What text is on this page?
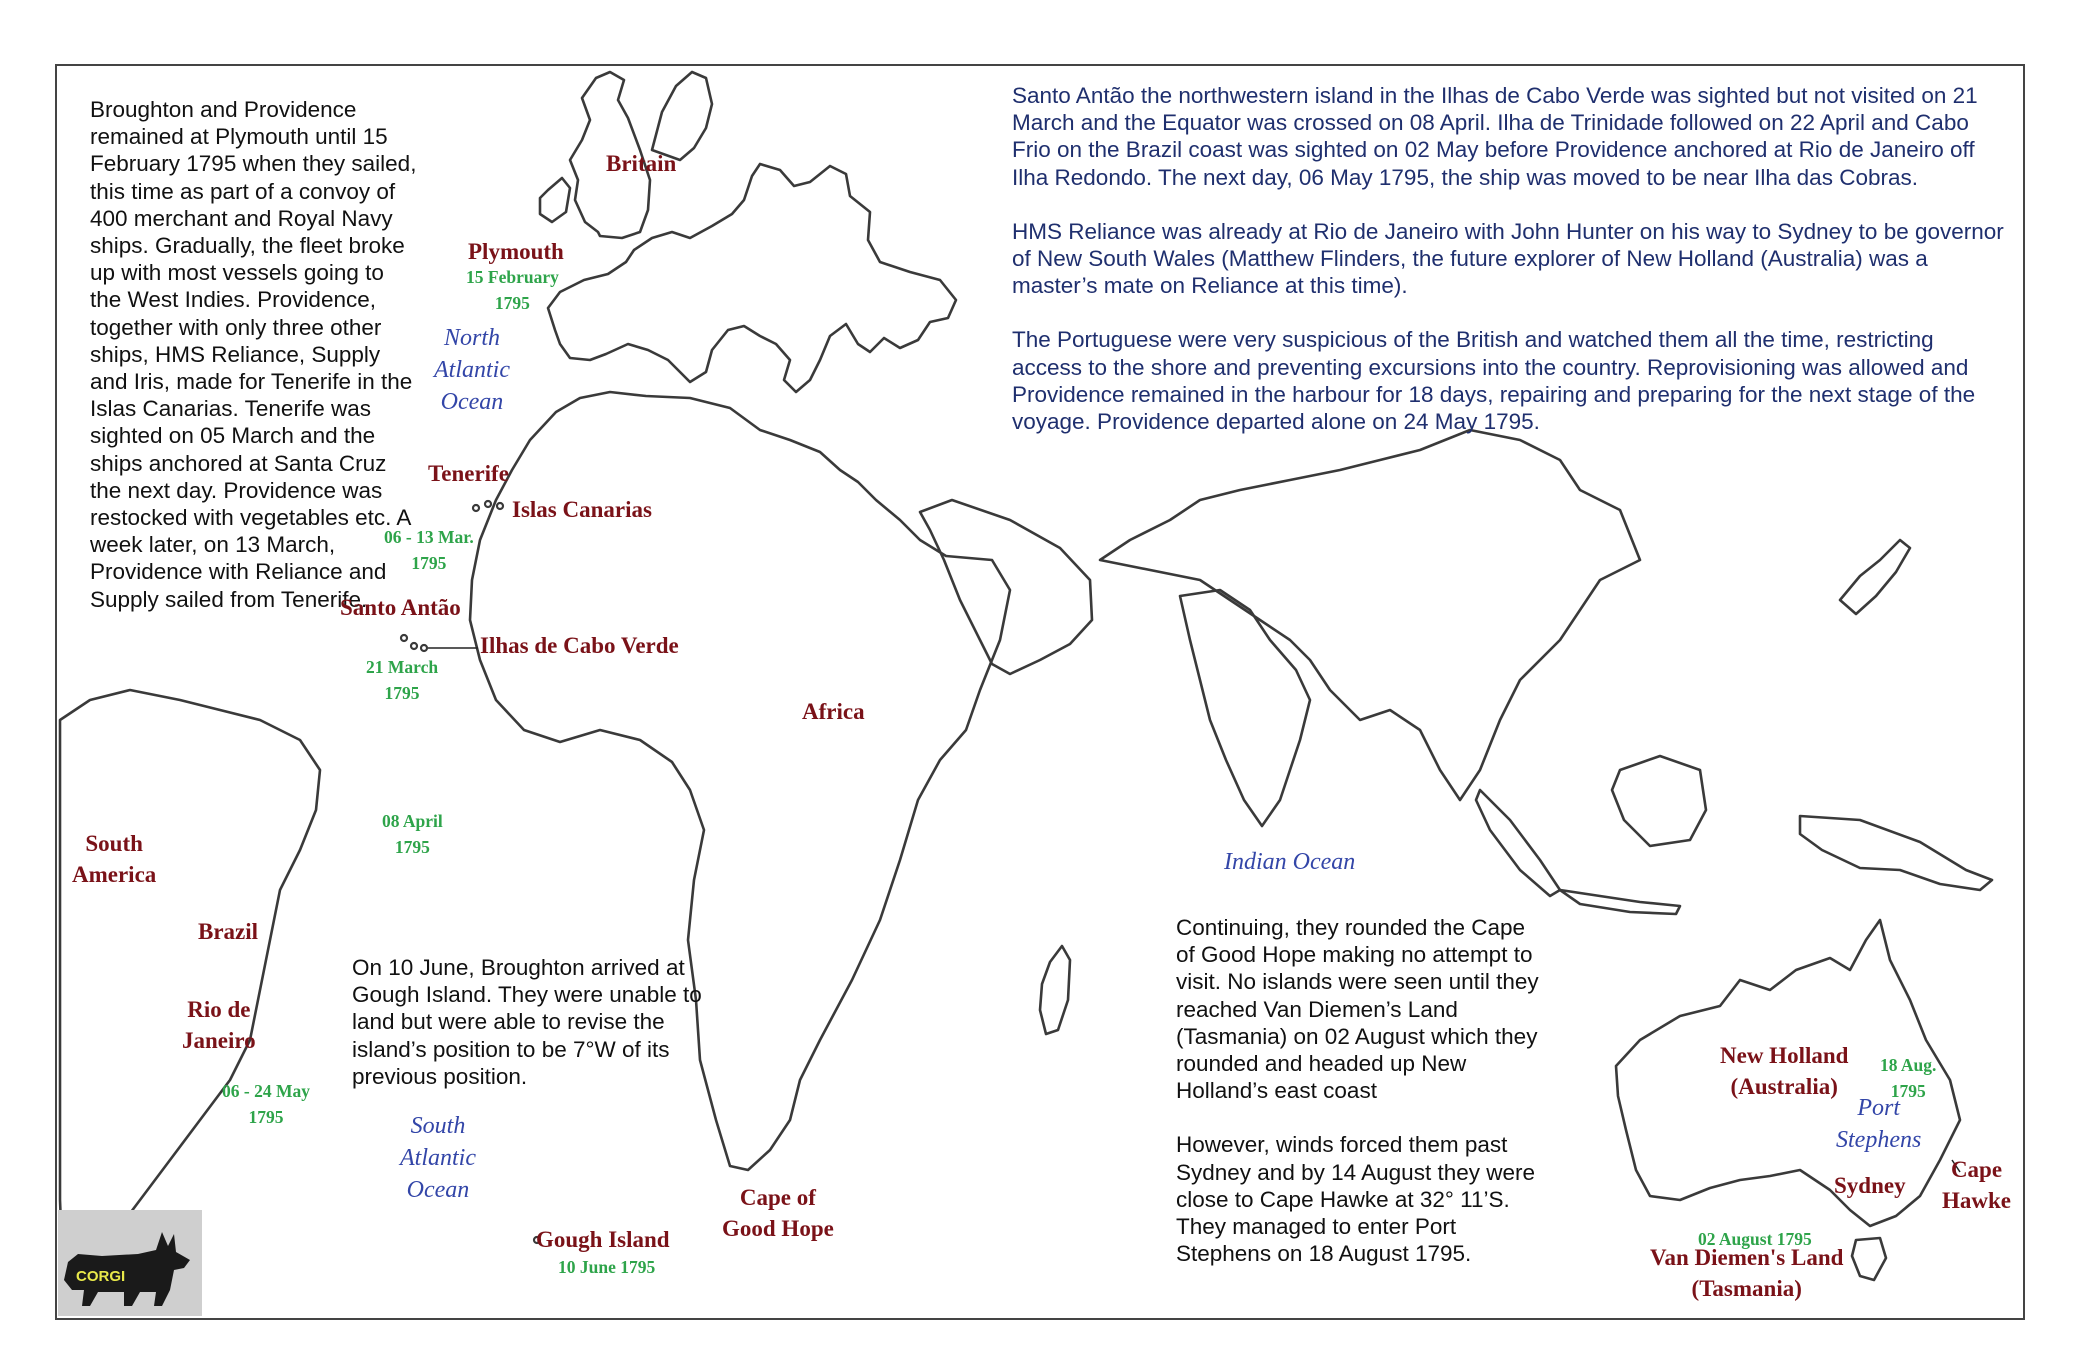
Broughton and Providence remained at Plymouth until 15 February 1795 when they sailed, this time as part of a convoy of 400 merchant and Royal Navy ships. Gradually, the fleet broke up with most vessels going to the West Indies. Providence, together with only three other ships, HMS Reliance, Supply and Iris, made for Tenerife in the Islas Canarias. Tenerife was sighted on 05 March and the ships anchored at Santa Cruz the next day. Providence was restocked with vegetables etc. A week later, on 13 March, Providence with Reliance and Supply sailed from Tenerife.

Santo Antão the northwestern island in the Ilhas de Cabo Verde was sighted but not visited on 21 March and the Equator was crossed on 08 April. Ilha de Trinidade followed on 22 April and Cabo Frio on the Brazil coast was sighted on 02 May before Providence anchored at Rio de Janeiro off Ilha Redondo. The next day, 06 May 1795, the ship was moved to be near Ilha das Cobras.

HMS Reliance was already at Rio de Janeiro with John Hunter on his way to Sydney to be governor of New South Wales (Matthew Flinders, the future explorer of New Holland (Australia) was a master’s mate on Reliance at this time).

The Portuguese were very suspicious of the British and watched them all the time, restricting access to the shore and preventing excursions into the country. Reprovisioning was allowed and Providence remained in the harbour for 18 days, repairing and preparing for the next stage of the voyage. Providence departed alone on 24 May 1795.

On 10 June, Broughton arrived at Gough Island. They were unable to land but were able to revise the island’s position to be 7°W of its previous position.

Continuing, they rounded the Cape of Good Hope making no attempt to visit. No islands were seen until they reached Van Diemen’s Land (Tasmania) on 02 August which they rounded and headed up New Holland’s east coast

However, winds forced them past Sydney and by 14 August they were close to Cape Hawke at 32° 11’S. They managed to enter Port Stephens on 18 August 1795.

Britain
Plymouth
Tenerife
Islas Canarias
Santo Antão
Ilhas de Cabo Verde
Africa
South
America
Brazil
Rio de
Janeiro
Cape of
Good Hope
Gough Island
New Holland
(Australia)
Sydney
Cape
Hawke
Van Diemen's Land
(Tasmania)
North
Atlantic
Ocean
South
Atlantic
Ocean
Indian Ocean
Port
Stephens
15 February
1795
06 - 13 Mar.
1795
21 March
1795
08 April
1795
06 - 24 May
1795
10 June 1795
02 August 1795
18 Aug.
1795
CORGI
